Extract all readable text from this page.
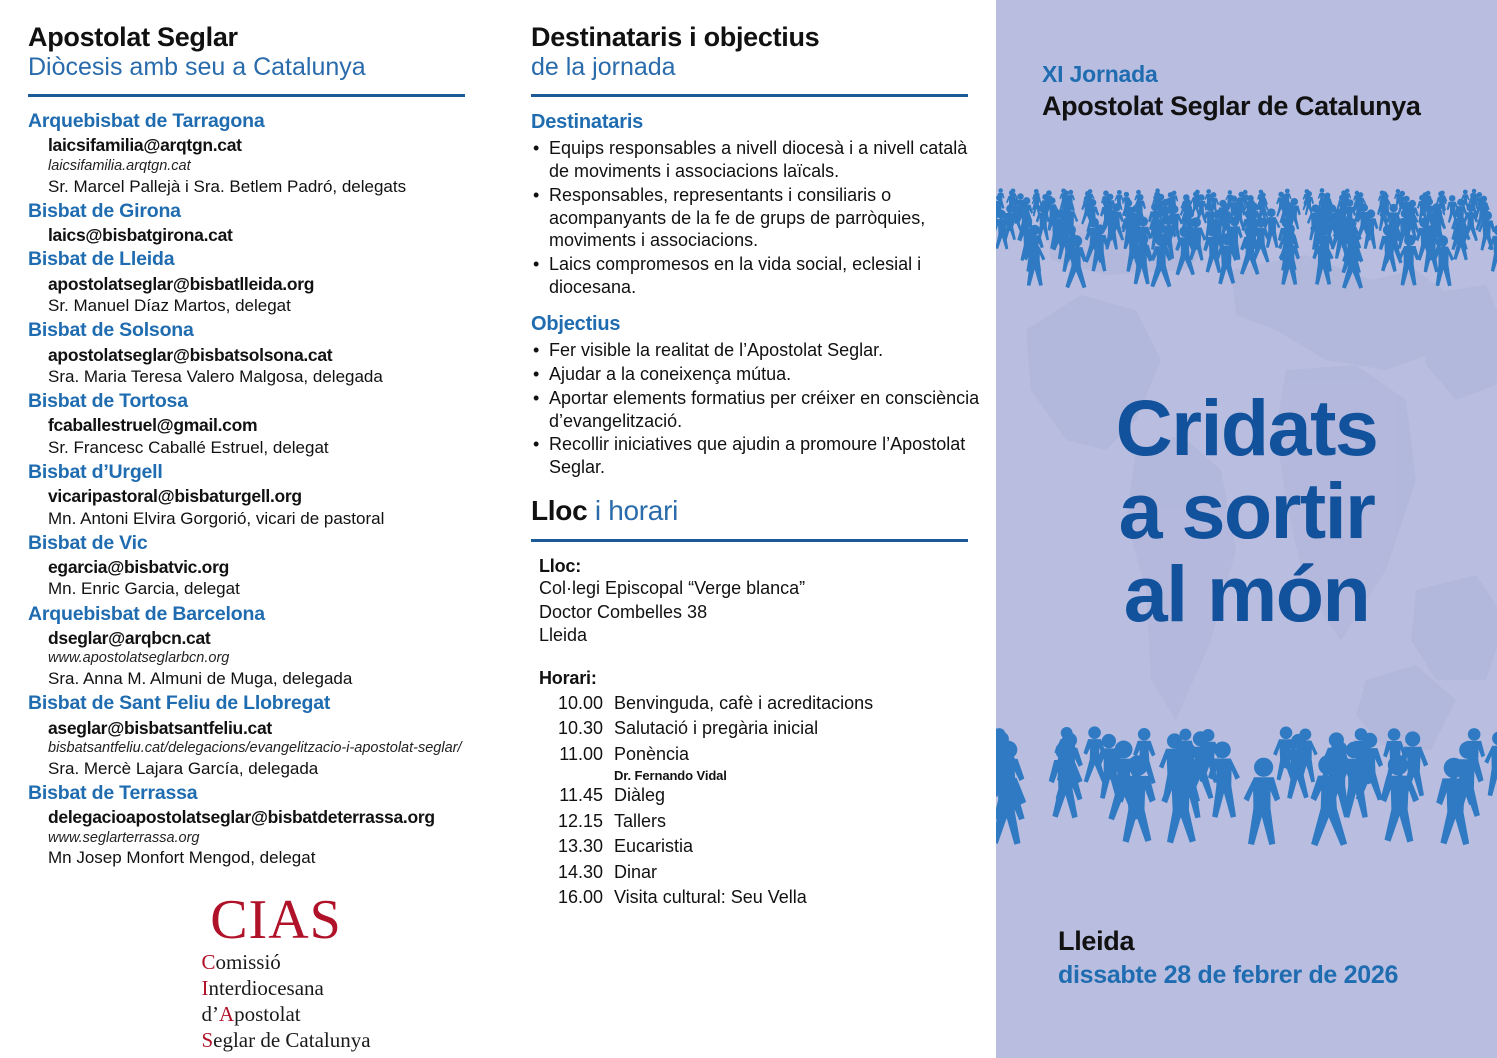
Apostolat Seglar
Diòcesis amb seu a Catalunya
Arquebisbat de Tarragona
laicsifamilia@arqtgn.cat
laicsifamilia.arqtgn.cat
Sr. Marcel Pallejà i Sra. Betlem Padró, delegats
Bisbat de Girona
laics@bisbatgirona.cat
Bisbat de Lleida
apostolatseglar@bisbatlleida.org
Sr. Manuel Díaz Martos, delegat
Bisbat de Solsona
apostolatseglar@bisbatsolsona.cat
Sra. Maria Teresa Valero Malgosa, delegada
Bisbat de Tortosa
fcaballestruel@gmail.com
Sr. Francesc Caballé Estruel, delegat
Bisbat d’Urgell
vicaripastoral@bisbaturgell.org
Mn. Antoni Elvira Gorgorió, vicari de pastoral
Bisbat de Vic
egarcia@bisbatvic.org
Mn. Enric Garcia, delegat
Arquebisbat de Barcelona
dseglar@arqbcn.cat
www.apostolatseglarbcn.org
Sra. Anna M. Almuni de Muga, delegada
Bisbat de Sant Feliu de Llobregat
aseglar@bisbatsantfeliu.cat
bisbatsantfeliu.cat/delegacions/evangelitzacio-i-apostolat-seglar/
Sra. Mercè Lajara García, delegada
Bisbat de Terrassa
delegacioapostolatseglar@bisbatdeterrassa.org
www.seglarterrassa.org
Mn Josep Monfort Mengod, delegat
CIAS
Comissió
Interdiocesana
d’Apostolat
Seglar de Catalunya
Destinataris i objectius
de la jornada
Destinataris
• Equips responsables a nivell diocesà i a nivell català de moviments i associacions laïcals.
• Responsables, representants i consiliaris o acompanyants de la fe de grups de parròquies, moviments i associacions.
• Laics compromesos en la vida social, eclesial i diocesana.
Objectius
• Fer visible la realitat de l’Apostolat Seglar.
• Ajudar a la coneixença mútua.
• Aportar elements formatius per créixer en consciència d’evangelització.
• Recollir iniciatives que ajudin a promoure l’Apostolat Seglar.
Lloc i horari
Lloc:
Col·legi Episcopal “Verge blanca”
Doctor Combelles 38
Lleida
Horari:
10.00 Benvinguda, cafè i acreditacions
10.30 Salutació i pregària inicial
11.00 Ponència
Dr. Fernando Vidal
11.45 Diàleg
12.15 Tallers
13.30 Eucaristia
14.30 Dinar
16.00 Visita cultural: Seu Vella
XI Jornada
Apostolat Seglar de Catalunya
Cridats
a sortir
al món
Lleida
dissabte 28 de febrer de 2026
